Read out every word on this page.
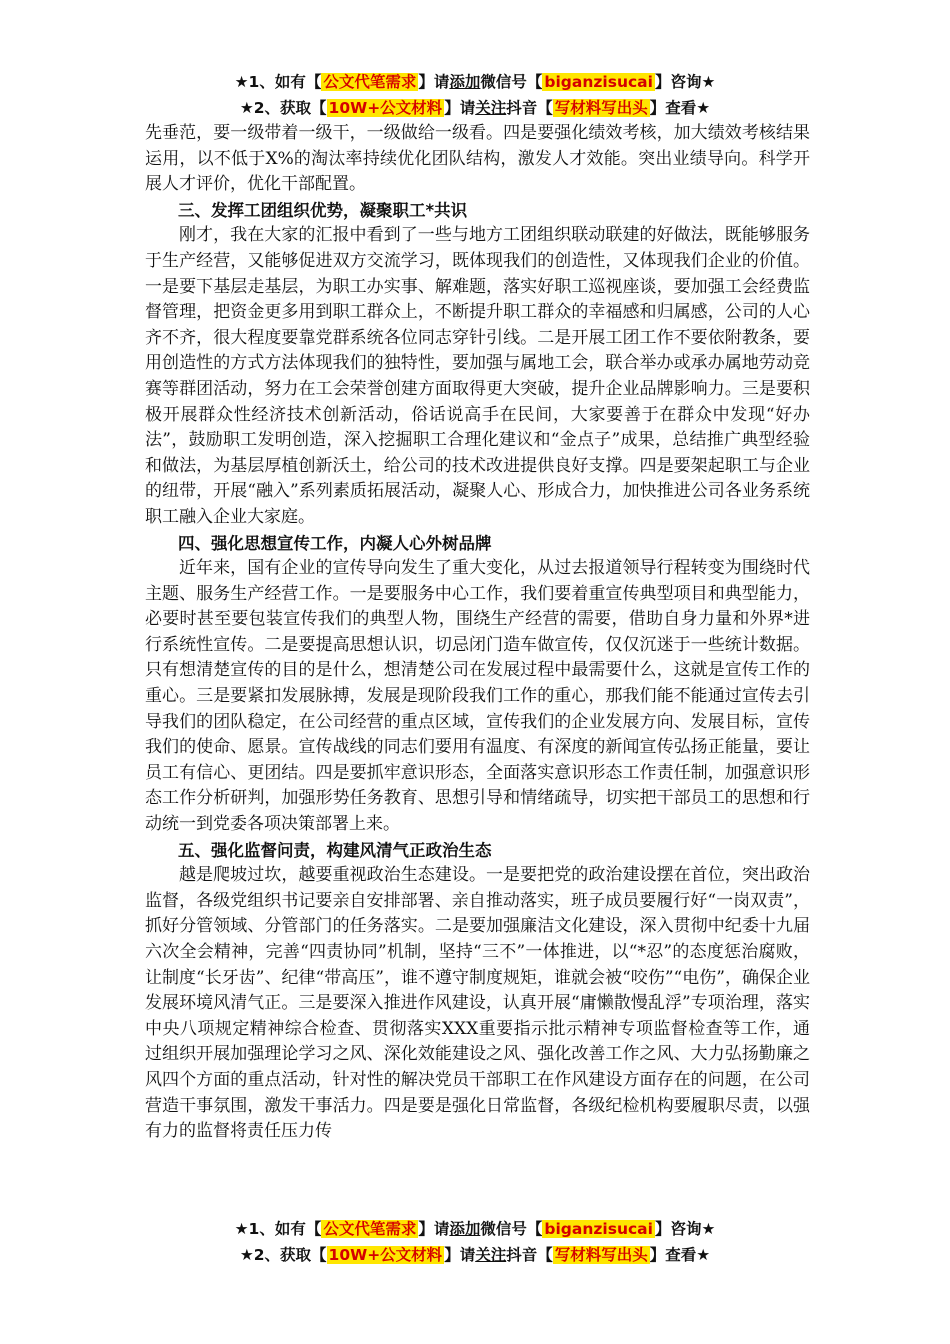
★1、如有【 公文代笔需求 】请添加微信号【 biganzisucai 】咨询★
★2、获取【 10W+公文材料 】请关注抖音【 写材料写出头 】查看★

先垂范，要一级带着一级干，一级做给一级看。四是要强化绩效考核，加大绩效考核结果运用，以不低于X%的淘汰率持续优化团队结构，激发人才效能。突出业绩导向。科学开展人才评价，优化干部配置。

三、发挥工团组织优势，凝聚职工*共识

刚才，我在大家的汇报中看到了一些与地方工团组织联动联建的好做法，既能够服务于生产经营，又能够促进双方交流学习，既体现我们的创造性，又体现我们企业的价值。一是要下基层走基层，为职工办实事、解难题，落实好职工巡视座谈，要加强工会经费监督管理，把资金更多用到职工群众上，不断提升职工群众的幸福感和归属感，公司的人心齐不齐，很大程度要靠党群系统各位同志穿针引线。二是开展工团工作不要依附教条，要用创造性的方式方法体现我们的独特性，要加强与属地工会，联合举办或承办属地劳动竞赛等群团活动，努力在工会荣誉创建方面取得更大突破，提升企业品牌影响力。三是要积极开展群众性经济技术创新活动，俗话说高手在民间，大家要善于在群众中发现“好办法”，鼓励职工发明创造，深入挖掘职工合理化建议和“金点子”成果，总结推广典型经验和做法，为基层厚植创新沃土，给公司的技术改进提供良好支撑。四是要架起职工与企业的纽带，开展“融入”系列素质拓展活动，凝聚人心、形成合力，加快推进公司各业务系统职工融入企业大家庭。

四、强化思想宣传工作，内凝人心外树品牌

近年来，国有企业的宣传导向发生了重大变化，从过去报道领导行程转变为围绕时代主题、服务生产经营工作。一是要服务中心工作，我们要着重宣传典型项目和典型能力，必要时甚至要包装宣传我们的典型人物，围绕生产经营的需要，借助自身力量和外界*进行系统性宣传。二是要提高思想认识，切忌闭门造车做宣传，仅仅沉迷于一些统计数据。只有想清楚宣传的目的是什么，想清楚公司在发展过程中最需要什么，这就是宣传工作的重心。三是要紧扣发展脉搏，发展是现阶段我们工作的重心，那我们能不能通过宣传去引导我们的团队稳定，在公司经营的重点区域，宣传我们的企业发展方向、发展目标，宣传我们的使命、愿景。宣传战线的同志们要用有温度、有深度的新闻宣传弘扬正能量，要让员工有信心、更团结。四是要抓牢意识形态，全面落实意识形态工作责任制，加强意识形态工作分析研判，加强形势任务教育、思想引导和情绪疏导，切实把干部员工的思想和行动统一到党委各项决策部署上来。

五、强化监督问责，构建风清气正政治生态

越是爬坡过坎，越要重视政治生态建设。一是要把党的政治建设摆在首位，突出政治监督，各级党组织书记要亲自安排部署、亲自推动落实，班子成员要履行好“一岗双责”，抓好分管领域、分管部门的任务落实。二是要加强廉洁文化建设，深入贯彻中纪委十九届六次全会精神，完善“四责协同”机制，坚持“三不”一体推进，以“*忍”的态度惩治腐败，让制度“长牙齿”、纪律“带高压”，谁不遵守制度规矩，谁就会被“咬伤”“电伤”，确保企业发展环境风清气正。三是要深入推进作风建设，认真开展“庸懒散慢乱浮”专项治理，落实中央八项规定精神综合检查、贯彻落实XXX重要指示批示精神专项监督检查等工作，通过组织开展加强理论学习之风、深化效能建设之风、强化改善工作之风、大力弘扬勤廉之风四个方面的重点活动，针对性的解决党员干部职工在作风建设方面存在的问题，在公司营造干事氛围，激发干事活力。四是要是强化日常监督，各级纪检机构要履职尽责，以强有力的监督将责任压力传

★1、如有【 公文代笔需求 】请添加微信号【 biganzisucai 】咨询★
★2、获取【 10W+公文材料 】请关注抖音【 写材料写出头 】查看★
